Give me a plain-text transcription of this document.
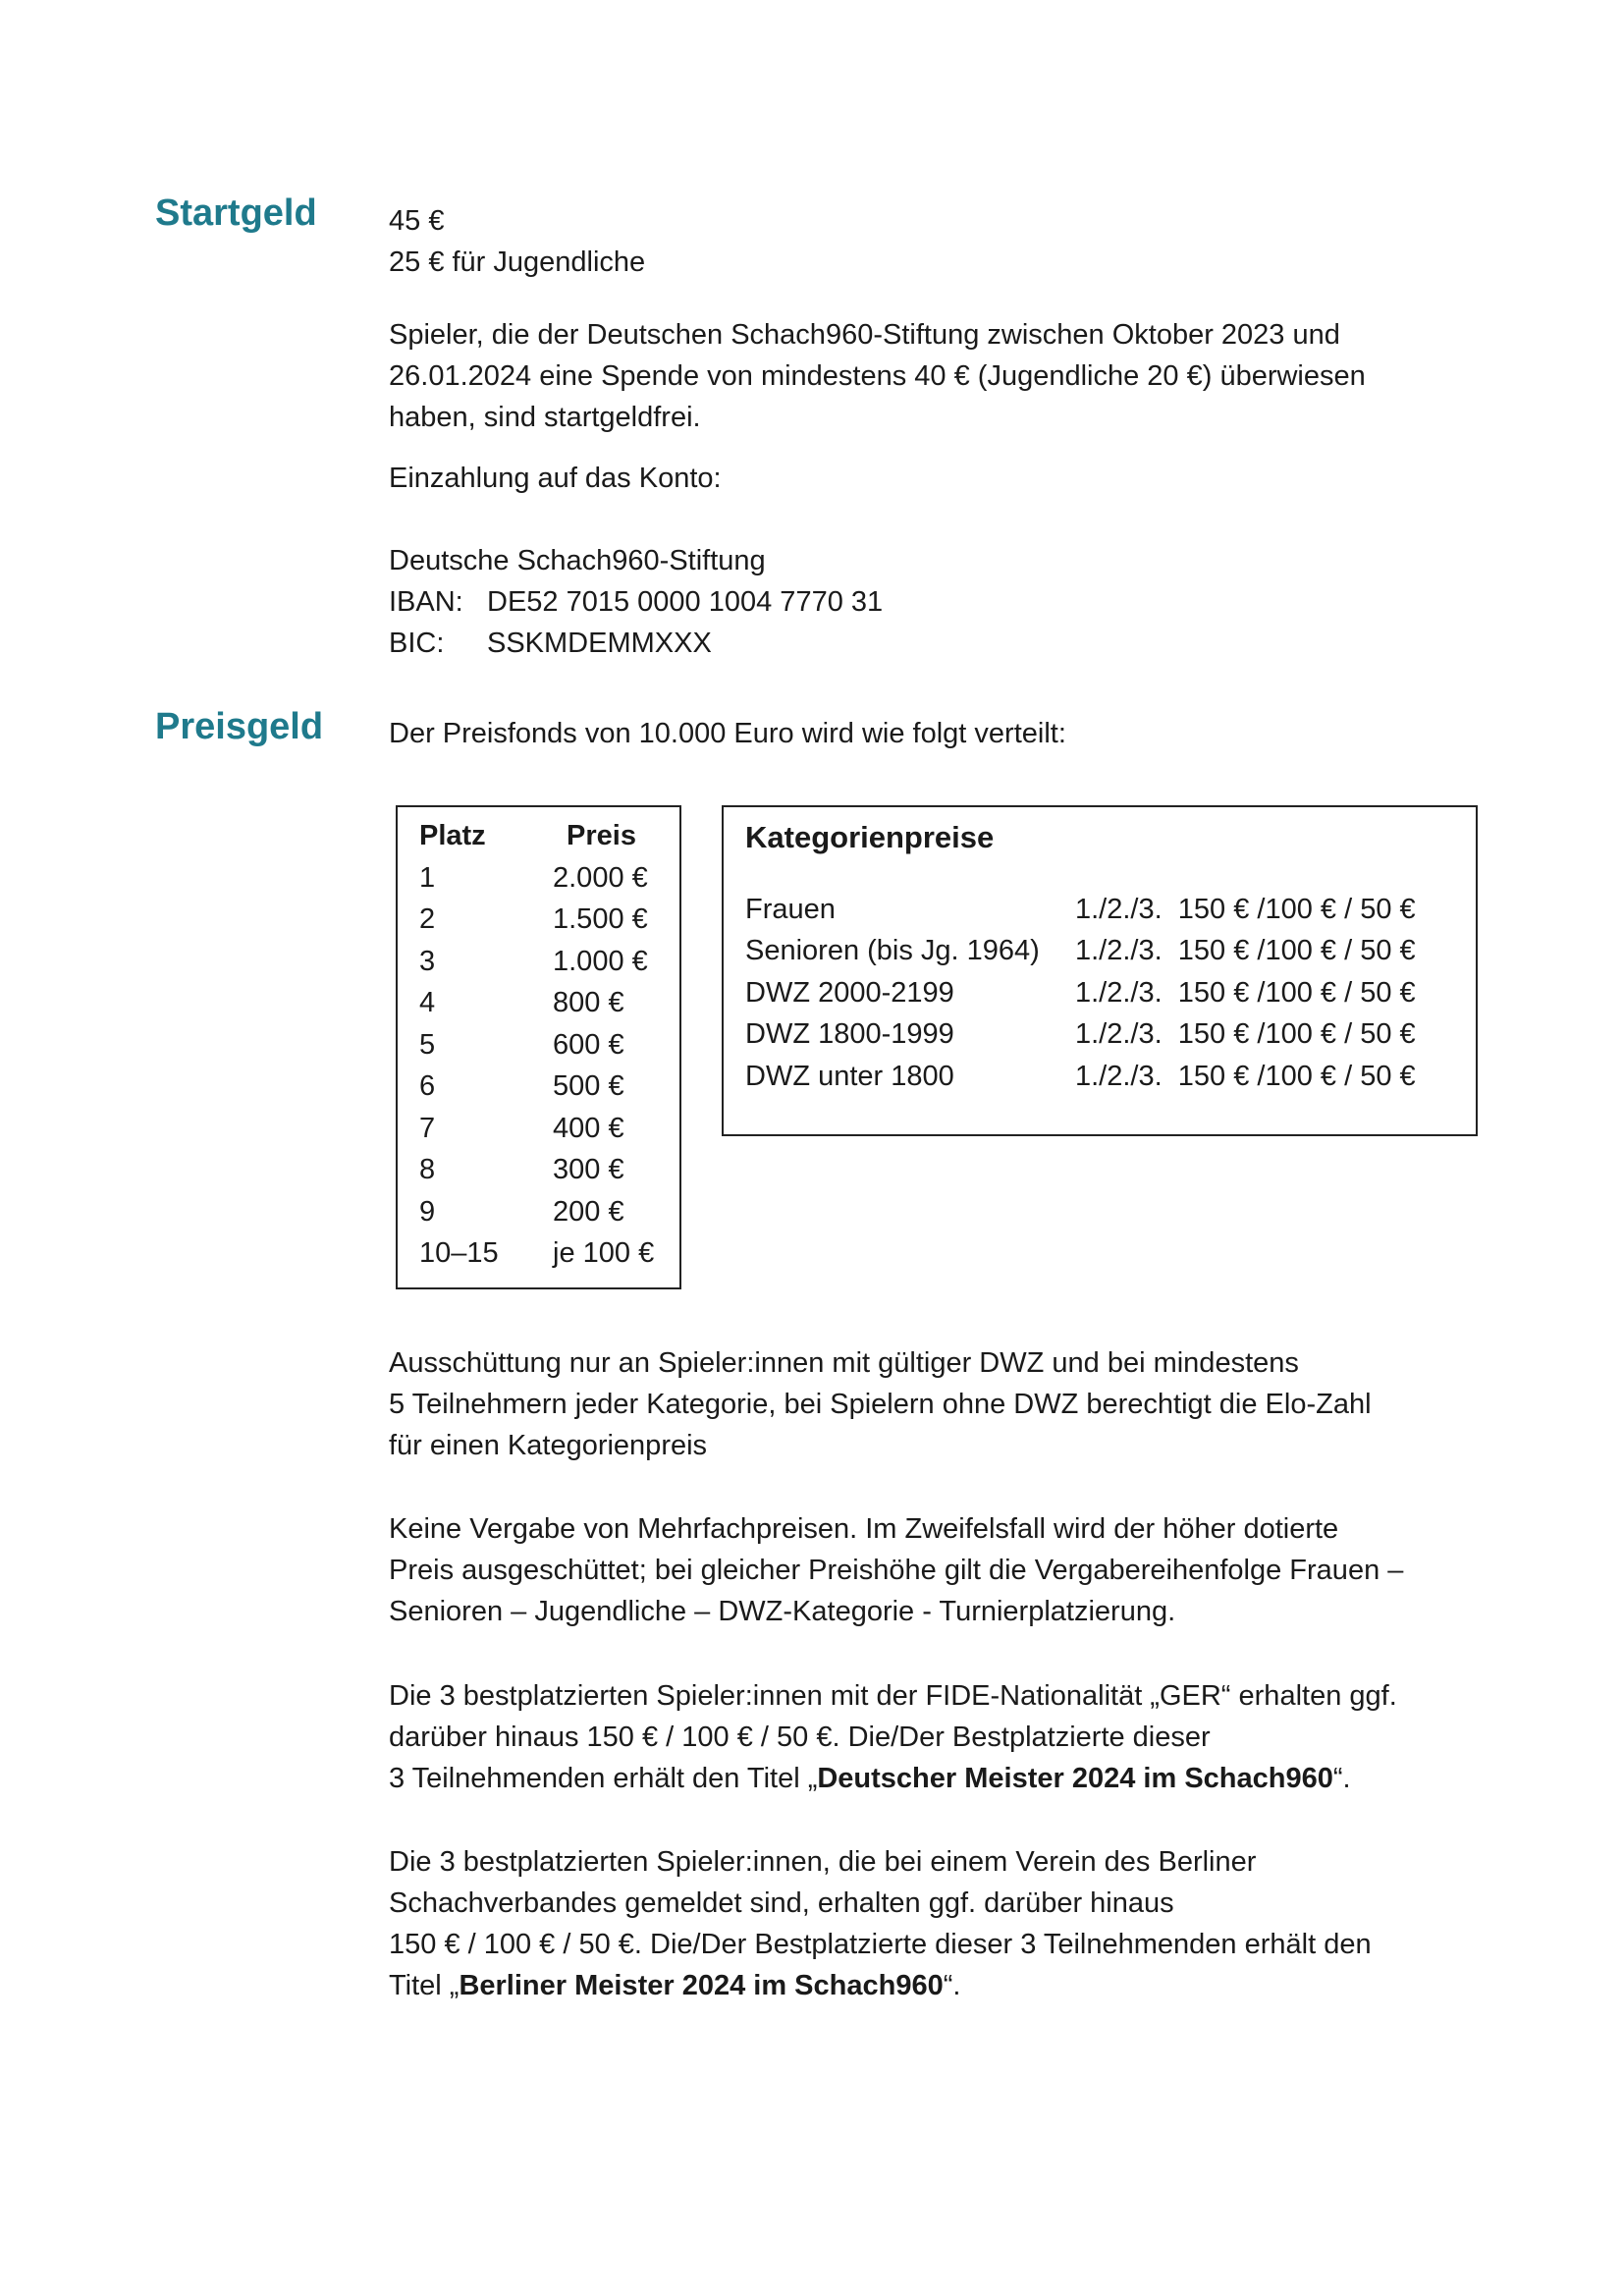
Startgeld	45 €

25 € für Jugendliche

Spieler, die der Deutschen Schach960-Stiftung zwischen Oktober 2023 und

26.01.2024 eine Spende von mindestens 40 € (Jugendliche 20 €) überwiesen

haben, sind startgeldfrei.

Einzahlung auf das Konto:

Deutsche Schach960-Stiftung

IBAN: DE52 7015 0000 1004 7770 31

BIC: SSKMDEMMXXX

Preisgeld Der Preisfonds von 10.000 Euro wird wie folgt verteilt:
Platz	Preis
1	2.000 €
2	1.500 €
3	1.000 €
4	800 €
5	600 €
6	500 €
7	400 €
8	300 €
9	200 €
10–15	je 100 €
Kategorienpreise
Frauen	1./2./3.  150 € /100 € / 50 €
Senioren (bis Jg. 1964)	1./2./3.  150 € /100 € / 50 €
DWZ 2000-2199	1./2./3.  150 € /100 € / 50 €
DWZ 1800-1999	1./2./3.  150 € /100 € / 50 €
DWZ unter 1800	1./2./3.  150 € /100 € / 50 €

Ausschüttung nur an Spieler:innen mit gültiger DWZ und bei mindestens

5 Teilnehmern jeder Kategorie, bei Spielern ohne DWZ berechtigt die Elo-Zahl

für einen Kategorienpreis

Keine Vergabe von Mehrfachpreisen. Im Zweifelsfall wird der höher dotierte

Preis ausgeschüttet; bei gleicher Preishöhe gilt die Vergabereihenfolge Frauen –

Senioren – Jugendliche – DWZ-Kategorie - Turnierplatzierung.

Die 3 bestplatzierten Spieler:innen mit der FIDE-Nationalität „GER“ erhalten ggf.

darüber hinaus 150 € / 100 € / 50 €. Die/Der Bestplatzierte dieser

3 Teilnehmenden erhält den Titel „Deutscher Meister 2024 im Schach960“.

Die 3 bestplatzierten Spieler:innen, die bei einem Verein des Berliner

Schachverbandes gemeldet sind, erhalten ggf. darüber hinaus

150 € / 100 € / 50 €. Die/Der Bestplatzierte dieser 3 Teilnehmenden erhält den

Titel „Berliner Meister 2024 im Schach960“.
